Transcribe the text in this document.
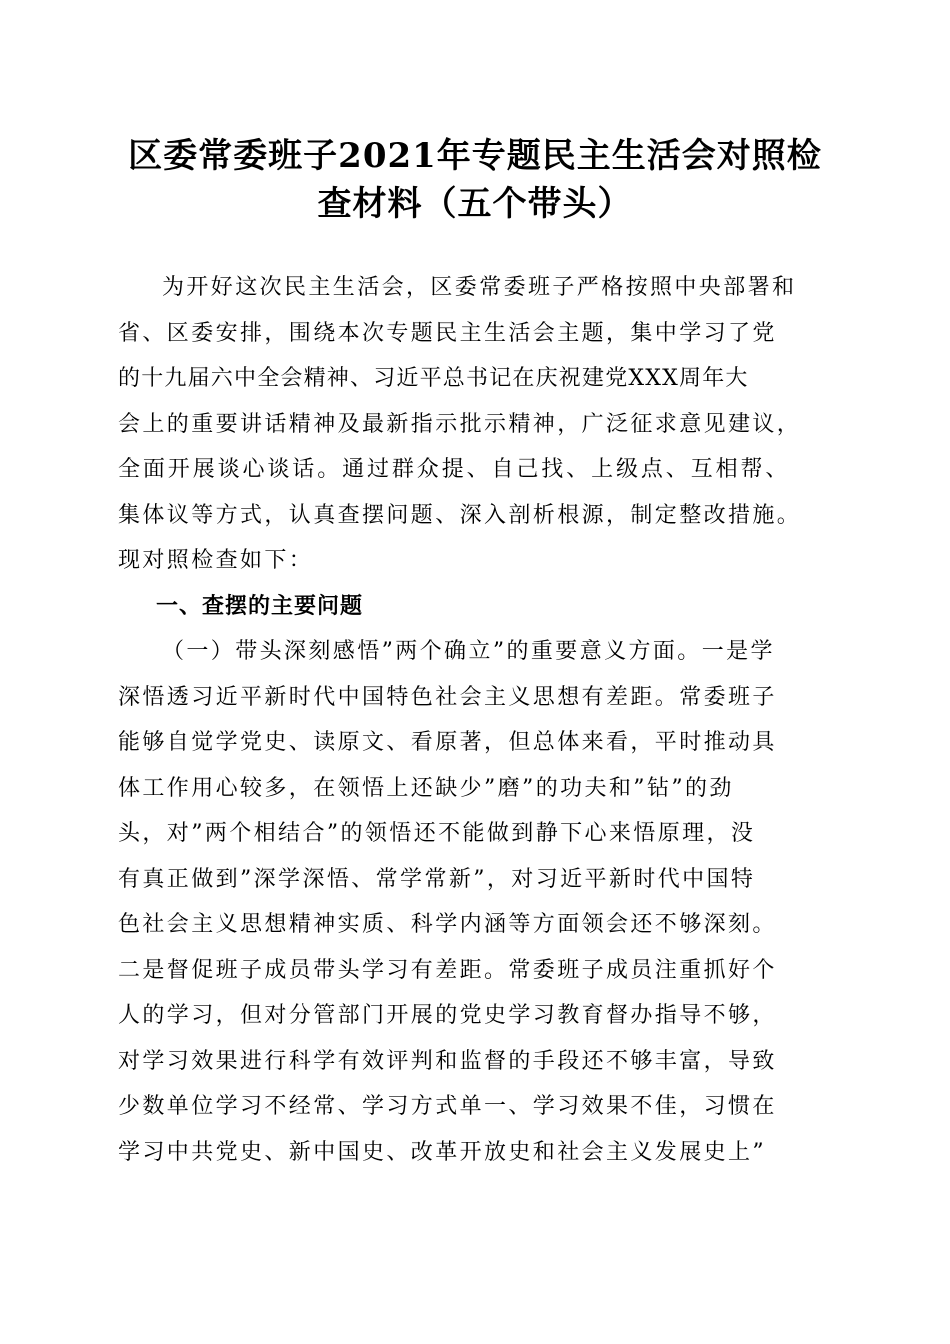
区委常委班子2021年专题民主生活会对照检
查材料（五个带头）
为开好这次民主生活会，区委常委班子严格按照中央部署和
省、区委安排，围绕本次专题民主生活会主题，集中学习了党
的十九届六中全会精神、习近平总书记在庆祝建党XXX周年大
会上的重要讲话精神及最新指示批示精神，广泛征求意见建议，
全面开展谈心谈话。通过群众提、自己找、上级点、互相帮、
集体议等方式，认真查摆问题、深入剖析根源，制定整改措施。
现对照检查如下：
一、查摆的主要问题
（一）带头深刻感悟”两个确立”的重要意义方面。一是学
深悟透习近平新时代中国特色社会主义思想有差距。常委班子
能够自觉学党史、读原文、看原著，但总体来看，平时推动具
体工作用心较多，在领悟上还缺少”磨”的功夫和”钻”的劲
头，对”两个相结合”的领悟还不能做到静下心来悟原理，没
有真正做到”深学深悟、常学常新”，对习近平新时代中国特
色社会主义思想精神实质、科学内涵等方面领会还不够深刻。
二是督促班子成员带头学习有差距。常委班子成员注重抓好个
人的学习，但对分管部门开展的党史学习教育督办指导不够，
对学习效果进行科学有效评判和监督的手段还不够丰富，导致
少数单位学习不经常、学习方式单一、学习效果不佳，习惯在
学习中共党史、新中国史、改革开放史和社会主义发展史上”
